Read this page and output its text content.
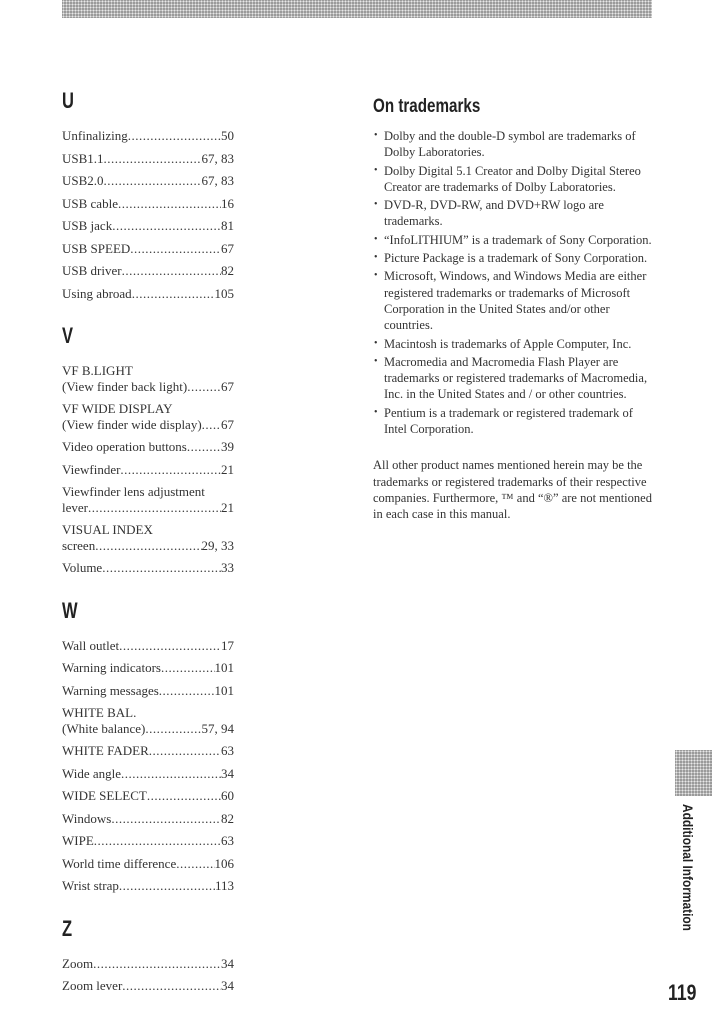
U
Unfinalizing .....	50
USB1.1 .....	67, 83
USB2.0 .....	67, 83
USB cable .....	16
USB jack .....	81
USB SPEED .....	67
USB driver .....	82
Using abroad .....	105
V
VF B.LIGHT
(View finder back light) .....	67
VF WIDE DISPLAY
(View finder wide display) ..... 67
Video operation buttons .....	39
Viewfinder .....	21
Viewfinder lens adjustment
lever .....	21
VISUAL INDEX
screen .....	29, 33
Volume .....	33
W
Wall outlet .....	17
Warning indicators .....	101
Warning messages .....	101
WHITE BAL.
(White balance) .....	57, 94
WHITE FADER .....	63
Wide angle .....	34
WIDE SELECT .....	60
Windows .....	82
WIPE .....	63
World time difference .....	106
Wrist strap .....	113
Z
Zoom .....	34
Zoom lever .....	34
On trademarks
• Dolby and the double-D symbol are trademarks of Dolby Laboratories.
• Dolby Digital 5.1 Creator and Dolby Digital Stereo Creator are trademarks of Dolby Laboratories.
• DVD-R, DVD-RW, and DVD+RW logo are trademarks.
• “InfoLITHIUM” is a trademark of Sony Corporation.
• Picture Package is a trademark of Sony Corporation.
• Microsoft, Windows, and Windows Media are either registered trademarks or trademarks of Microsoft Corporation in the United States and/or other countries.
• Macintosh is trademarks of Apple Computer, Inc.
• Macromedia and Macromedia Flash Player are trademarks or registered trademarks of Macromedia, Inc. in the United States and / or other countries.
• Pentium is a trademark or registered trademark of Intel Corporation.
All other product names mentioned herein may be the trademarks or registered trademarks of their respective companies. Furthermore, ™ and “®” are not mentioned in each case in this manual.
Additional Information
119
